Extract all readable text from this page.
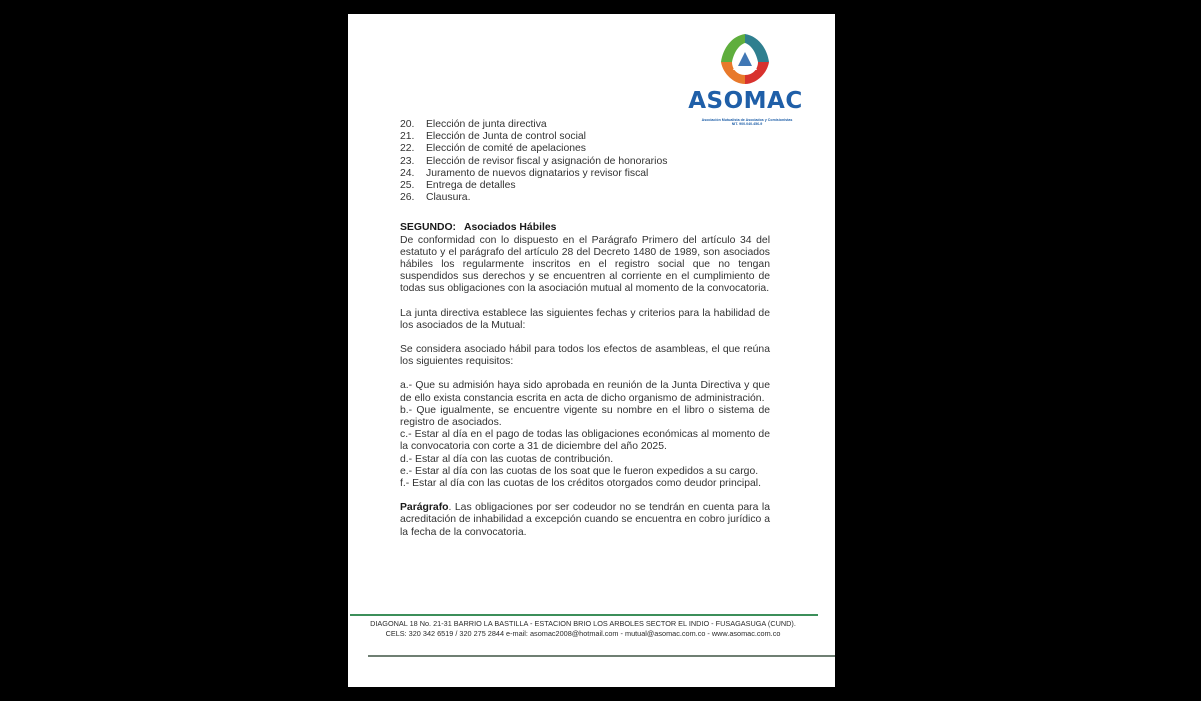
ASOMAC
Asociación Mutualista de Asociados y Comisionistas
NIT. 900.040.456-9
20.	Elección de junta directiva
21.	Elección de Junta de control social
22.	Elección de comité de apelaciones
23.	Elección de revisor fiscal y asignación de honorarios
24.	Juramento de nuevos dignatarios y revisor fiscal
25.	Entrega de detalles
26.	Clausura.
SEGUNDO: Asociados Hábiles

De conformidad con lo dispuesto en el Parágrafo Primero del artículo 34 del estatuto y el parágrafo del artículo 28 del Decreto 1480 de 1989, son asociados hábiles los regularmente inscritos en el registro social que no tengan suspendidos sus derechos y se encuentren al corriente en el cumplimiento de todas sus obligaciones con la asociación mutual al momento de la convocatoria.

La junta directiva establece las siguientes fechas y criterios para la habilidad de los asociados de la Mutual:

Se considera asociado hábil para todos los efectos de asambleas, el que reúna los siguientes requisitos:

a.- Que su admisión haya sido aprobada en reunión de la Junta Directiva y que de ello exista constancia escrita en acta de dicho organismo de administración.

b.- Que igualmente, se encuentre vigente su nombre en el libro o sistema de registro de asociados.

c.- Estar al día en el pago de todas las obligaciones económicas al momento de la convocatoria con corte a 31 de diciembre del año 2025.

d.- Estar al día con las cuotas de contribución.

e.- Estar al día con las cuotas de los soat que le fueron expedidos a su cargo.

f.- Estar al día con las cuotas de los créditos otorgados como deudor principal.

Parágrafo. Las obligaciones por ser codeudor no se tendrán en cuenta para la acreditación de inhabilidad a excepción cuando se encuentra en cobro jurídico a la fecha de la convocatoria.

DIAGONAL 18 No. 21-31 BARRIO LA BASTILLA - ESTACION BRIO LOS ARBOLES SECTOR EL INDIO - FUSAGASUGA (CUND).
CELS: 320 342 6519 / 320 275 2844 e-mail: asomac2008@hotmail.com - mutual@asomac.com.co - www.asomac.com.co
